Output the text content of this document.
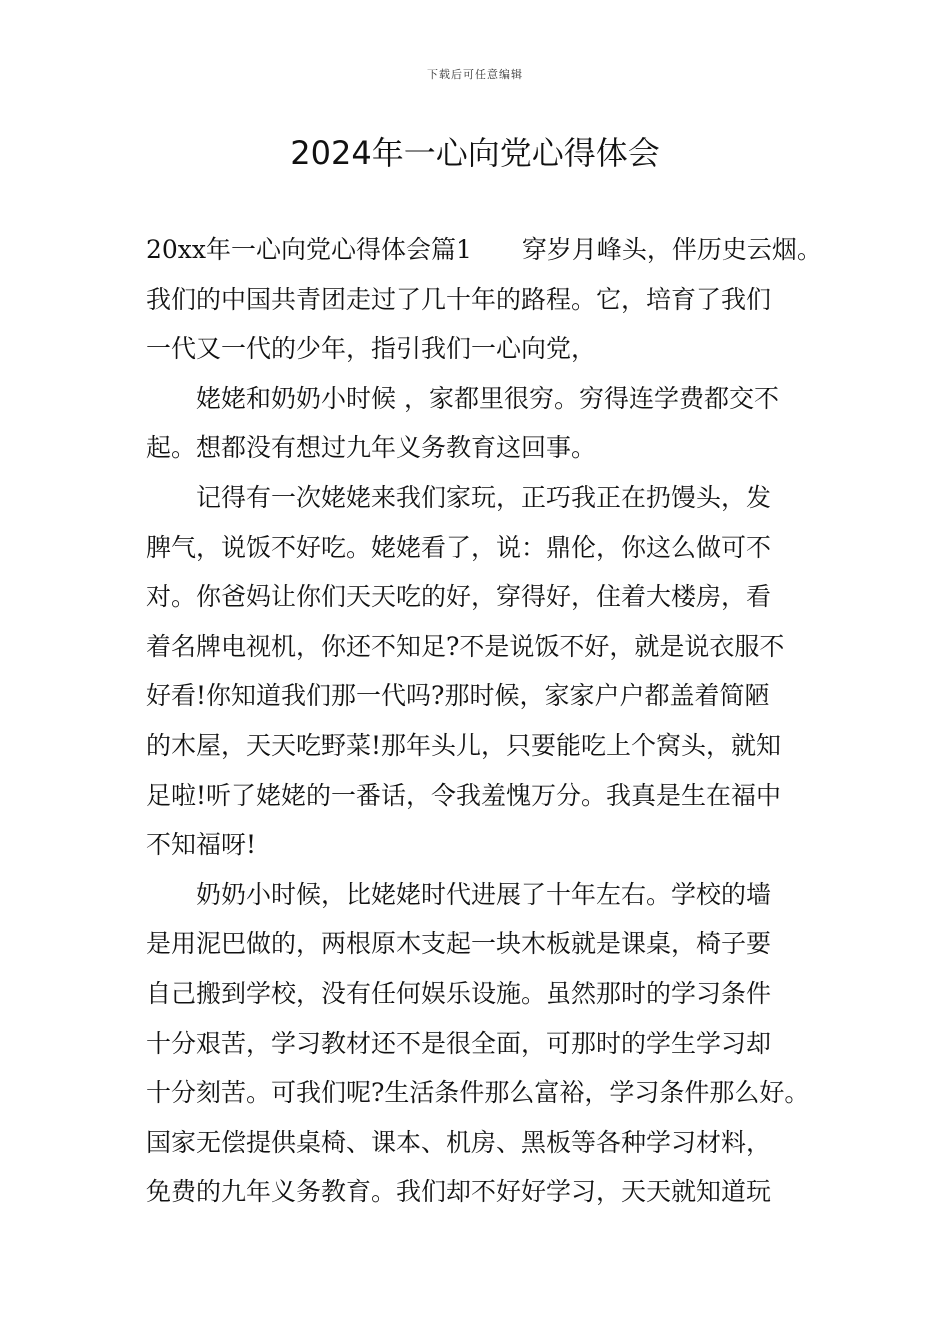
下载后可任意编辑
2024年一心向党心得体会
20xx年一心向党心得体会篇1　　穿岁月峰头，伴历史云烟。
我们的中国共青团走过了几十年的路程。它，培育了我们
一代又一代的少年，指引我们一心向党，
姥姥和奶奶小时候 ，家都里很穷。穷得连学费都交不
起。想都没有想过九年义务教育这回事。
记得有一次姥姥来我们家玩，正巧我正在扔馒头，发
脾气，说饭不好吃。姥姥看了，说：鼎伦，你这么做可不
对。你爸妈让你们天天吃的好，穿得好，住着大楼房，看
着名牌电视机，你还不知足?不是说饭不好，就是说衣服不
好看!你知道我们那一代吗?那时候，家家户户都盖着简陋
的木屋，天天吃野菜!那年头儿，只要能吃上个窝头，就知
足啦!听了姥姥的一番话，令我羞愧万分。我真是生在福中
不知福呀!
奶奶小时候，比姥姥时代进展了十年左右。学校的墙
是用泥巴做的，两根原木支起一块木板就是课桌，椅子要
自己搬到学校，没有任何娱乐设施。虽然那时的学习条件
十分艰苦，学习教材还不是很全面，可那时的学生学习却
十分刻苦。可我们呢?生活条件那么富裕，学习条件那么好。
国家无偿提供桌椅、课本、机房、黑板等各种学习材料，
免费的九年义务教育。我们却不好好学习，天天就知道玩
